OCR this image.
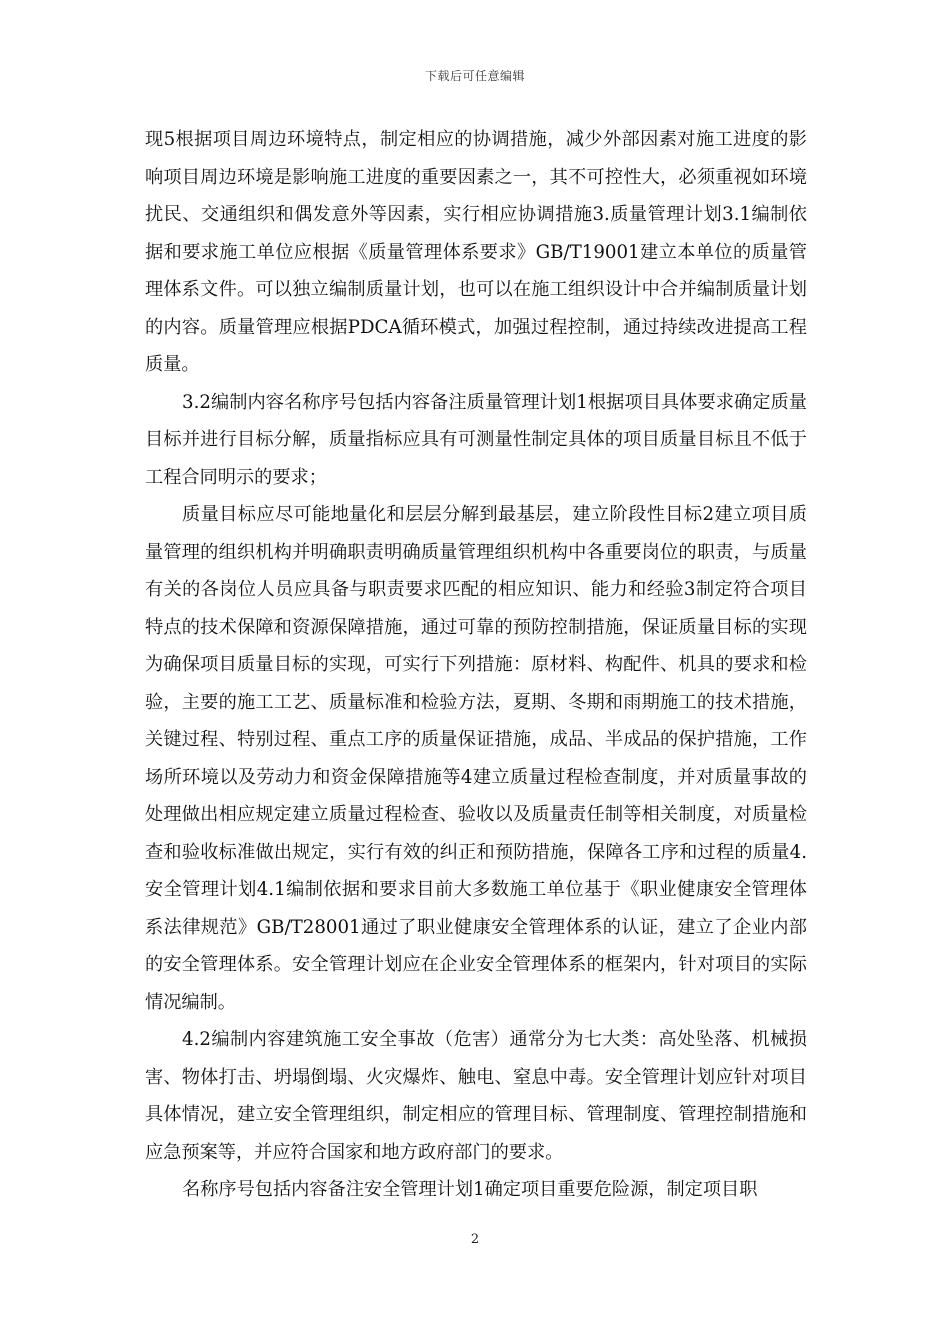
下载后可任意编辑

现5根据项目周边环境特点，制定相应的协调措施，减少外部因素对施工进度的影响项目周边环境是影响施工进度的重要因素之一，其不可控性大，必须重视如环境扰民、交通组织和偶发意外等因素，实行相应协调措施3.质量管理计划3.1编制依据和要求施工单位应根据《质量管理体系要求》GB/T19001建立本单位的质量管理体系文件。可以独立编制质量计划，也可以在施工组织设计中合并编制质量计划的内容。质量管理应根据PDCA循环模式，加强过程控制，通过持续改进提高工程质量。

3.2编制内容名称序号包括内容备注质量管理计划1根据项目具体要求确定质量目标并进行目标分解，质量指标应具有可测量性制定具体的项目质量目标且不低于工程合同明示的要求；

质量目标应尽可能地量化和层层分解到最基层，建立阶段性目标2建立项目质量管理的组织机构并明确职责明确质量管理组织机构中各重要岗位的职责，与质量有关的各岗位人员应具备与职责要求匹配的相应知识、能力和经验3制定符合项目特点的技术保障和资源保障措施，通过可靠的预防控制措施，保证质量目标的实现为确保项目质量目标的实现，可实行下列措施：原材料、构配件、机具的要求和检验，主要的施工工艺、质量标准和检验方法，夏期、冬期和雨期施工的技术措施，关键过程、特别过程、重点工序的质量保证措施，成品、半成品的保护措施，工作场所环境以及劳动力和资金保障措施等4建立质量过程检查制度，并对质量事故的处理做出相应规定建立质量过程检查、验收以及质量责任制等相关制度，对质量检查和验收标准做出规定，实行有效的纠正和预防措施，保障各工序和过程的质量4.安全管理计划4.1编制依据和要求目前大多数施工单位基于《职业健康安全管理体系法律规范》GB/T28001通过了职业健康安全管理体系的认证，建立了企业内部的安全管理体系。安全管理计划应在企业安全管理体系的框架内，针对项目的实际情况编制。

4.2编制内容建筑施工安全事故（危害）通常分为七大类：高处坠落、机械损害、物体打击、坍塌倒塌、火灾爆炸、触电、窒息中毒。安全管理计划应针对项目具体情况，建立安全管理组织，制定相应的管理目标、管理制度、管理控制措施和应急预案等，并应符合国家和地方政府部门的要求。

名称序号包括内容备注安全管理计划1确定项目重要危险源，制定项目职

2
